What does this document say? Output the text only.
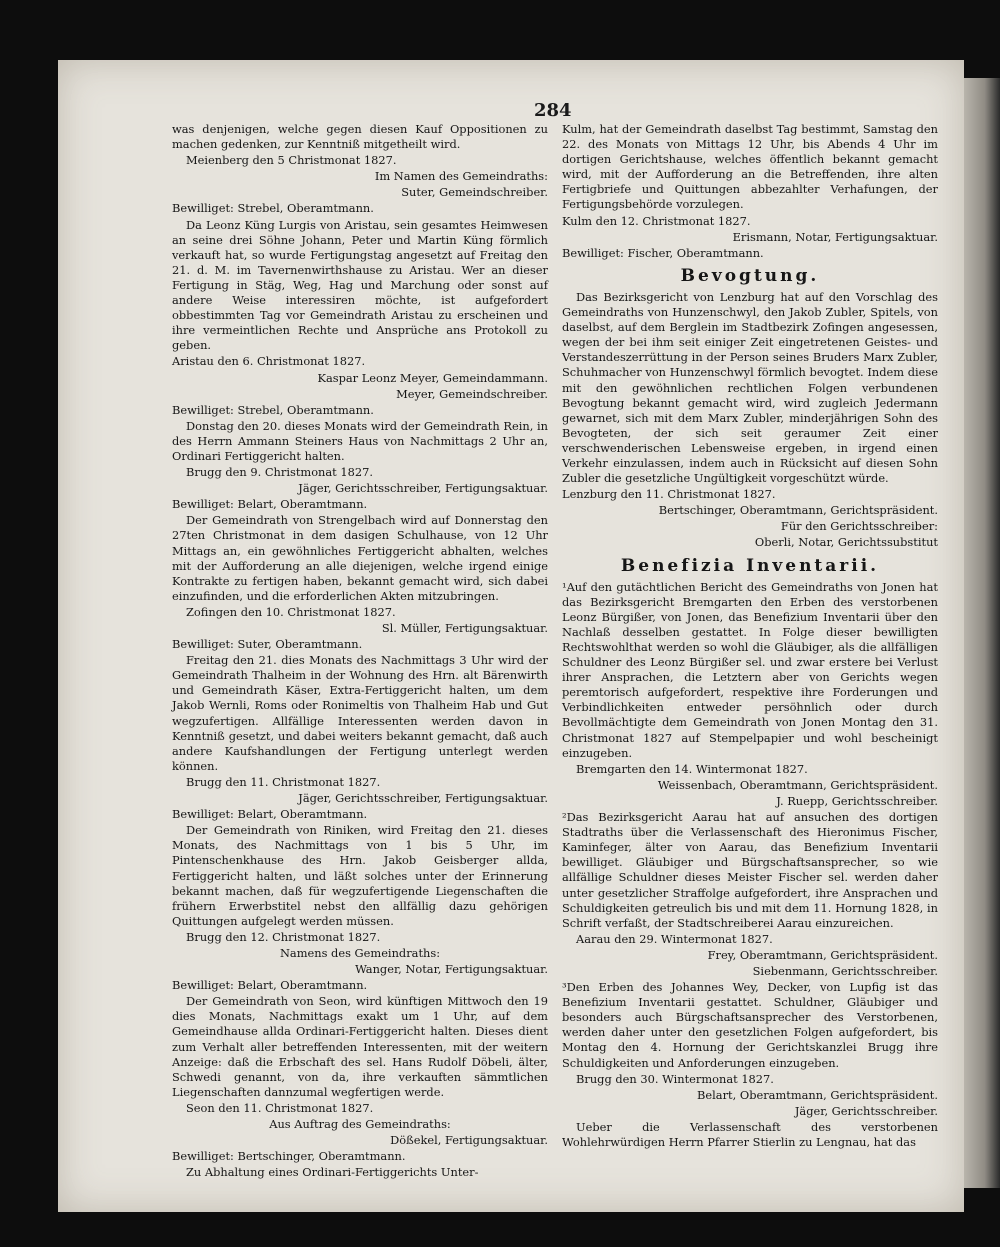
284

was denjenigen, welche gegen diesen Kauf Oppositionen zu machen gedenken, zur Kenntniß mitgetheilt wird.

Meienberg den 5 Christmonat 1827.

Im Namen des Gemeindraths:

Suter, Gemeindschreiber.

Bewilliget: Strebel, Oberamtmann.

Da Leonz Küng Lurgis von Aristau, sein gesamtes Heimwesen an seine drei Söhne Johann, Peter und Martin Küng förmlich verkauft hat, so wurde Fertigungstag angesetzt auf Freitag den 21. d. M. im Tavernenwirthshause zu Aristau. Wer an dieser Fertigung in Stäg, Weg, Hag und Marchung oder sonst auf andere Weise interessiren möchte, ist aufgefordert obbestimmten Tag vor Gemeindrath Aristau zu erscheinen und ihre vermeintlichen Rechte und Ansprüche ans Protokoll zu geben.

Aristau den 6. Christmonat 1827.

Kaspar Leonz Meyer, Gemeindammann.

Meyer, Gemeindschreiber.

Bewilliget: Strebel, Oberamtmann.

Donstag den 20. dieses Monats wird der Gemeindrath Rein, in des Herrn Ammann Steiners Haus von Nachmittags 2 Uhr an, Ordinari Fertiggericht halten.

Brugg den 9. Christmonat 1827.

Jäger, Gerichtsschreiber, Fertigungsaktuar.

Bewilliget: Belart, Oberamtmann.

Der Gemeindrath von Strengelbach wird auf Donnerstag den 27ten Christmonat in dem dasigen Schulhause, von 12 Uhr Mittags an, ein gewöhnliches Fertiggericht abhalten, welches mit der Aufforderung an alle diejenigen, welche irgend einige Kontrakte zu fertigen haben, bekannt gemacht wird, sich dabei einzufinden, und die erforderlichen Akten mitzubringen.

Zofingen den 10. Christmonat 1827.

Sl. Müller, Fertigungsaktuar.

Bewilliget: Suter, Oberamtmann.

Freitag den 21. dies Monats des Nachmittags 3 Uhr wird der Gemeindrath Thalheim in der Wohnung des Hrn. alt Bärenwirth und Gemeindrath Käser, Extra-Fertiggericht halten, um dem Jakob Wernli, Roms oder Ronimeltis von Thalheim Hab und Gut wegzufertigen. Allfällige Interessenten werden davon in Kenntniß gesetzt, und dabei weiters bekannt gemacht, daß auch andere Kaufshandlungen der Fertigung unterlegt werden können.

Brugg den 11. Christmonat 1827.

Jäger, Gerichtsschreiber, Fertigungsaktuar.

Bewilliget: Belart, Oberamtmann.

Der Gemeindrath von Riniken, wird Freitag den 21. dieses Monats, des Nachmittags von 1 bis 5 Uhr, im Pintenschenkhause des Hrn. Jakob Geisberger allda, Fertiggericht halten, und läßt solches unter der Erinnerung bekannt machen, daß für wegzufertigende Liegenschaften die frühern Erwerbstitel nebst den allfällig dazu gehörigen Quittungen aufgelegt werden müssen.

Brugg den 12. Christmonat 1827.

Namens des Gemeindraths:

Wanger, Notar, Fertigungsaktuar.

Bewilliget: Belart, Oberamtmann.

Der Gemeindrath von Seon, wird künftigen Mittwoch den 19 dies Monats, Nachmittags exakt um 1 Uhr, auf dem Gemeindhause allda Ordinari-Fertiggericht halten. Dieses dient zum Verhalt aller betreffenden Interessenten, mit der weitern Anzeige: daß die Erbschaft des sel. Hans Rudolf Döbeli, älter, Schwedi genannt, von da, ihre verkauften sämmtlichen Liegenschaften dannzumal wegfertigen werde.

Seon den 11. Christmonat 1827.

Aus Auftrag des Gemeindraths:

Dößekel, Fertigungsaktuar.

Bewilliget: Bertschinger, Oberamtmann.

Zu Abhaltung eines Ordinari-Fertiggerichts Unter-

Kulm, hat der Gemeindrath daselbst Tag bestimmt, Samstag den 22. des Monats von Mittags 12 Uhr, bis Abends 4 Uhr im dortigen Gerichtshause, welches öffentlich bekannt gemacht wird, mit der Aufforderung an die Betreffenden, ihre alten Fertigbriefe und Quittungen abbezahlter Verhafungen, der Fertigungsbehörde vorzulegen.

Kulm den 12. Christmonat 1827.

Erismann, Notar, Fertigungsaktuar.

Bewilliget: Fischer, Oberamtmann.

Bevogtung.

Das Bezirksgericht von Lenzburg hat auf den Vorschlag des Gemeindraths von Hunzenschwyl, den Jakob Zubler, Spitels, von daselbst, auf dem Berglein im Stadtbezirk Zofingen angesessen, wegen der bei ihm seit einiger Zeit eingetretenen Geistes- und Verstandeszerrüttung in der Person seines Bruders Marx Zubler, Schuhmacher von Hunzenschwyl förmlich bevogtet. Indem diese mit den gewöhnlichen rechtlichen Folgen verbundenen Bevogtung bekannt gemacht wird, wird zugleich Jedermann gewarnet, sich mit dem Marx Zubler, minderjährigen Sohn des Bevogteten, der sich seit geraumer Zeit einer verschwenderischen Lebensweise ergeben, in irgend einen Verkehr einzulassen, indem auch in Rücksicht auf diesen Sohn Zubler die gesetzliche Ungültigkeit vorgeschützt würde.

Lenzburg den 11. Christmonat 1827.

Bertschinger, Oberamtmann, Gerichtspräsident.

Für den Gerichtsschreiber:

Oberli, Notar, Gerichtssubstitut

Benefizia Inventarii.

¹Auf den gutächtlichen Bericht des Gemeindraths von Jonen hat das Bezirksgericht Bremgarten den Erben des verstorbenen Leonz Bürgißer, von Jonen, das Benefizium Inventarii über den Nachlaß desselben gestattet. In Folge dieser bewilligten Rechtswohlthat werden so wohl die Gläubiger, als die allfälligen Schuldner des Leonz Bürgißer sel. und zwar erstere bei Verlust ihrer Ansprachen, die Letztern aber von Gerichts wegen peremtorisch aufgefordert, respektive ihre Forderungen und Verbindlichkeiten entweder persöhnlich oder durch Bevollmächtigte dem Gemeindrath von Jonen Montag den 31. Christmonat 1827 auf Stempelpapier und wohl bescheinigt einzugeben.

Bremgarten den 14. Wintermonat 1827.

Weissenbach, Oberamtmann, Gerichtspräsident.

J. Ruepp, Gerichtsschreiber.

²Das Bezirksgericht Aarau hat auf ansuchen des dortigen Stadtraths über die Verlassenschaft des Hieronimus Fischer, Kaminfeger, älter von Aarau, das Benefizium Inventarii bewilliget. Gläubiger und Bürgschaftsansprecher, so wie allfällige Schuldner dieses Meister Fischer sel. werden daher unter gesetzlicher Straffolge aufgefordert, ihre Ansprachen und Schuldigkeiten getreulich bis und mit dem 11. Hornung 1828, in Schrift verfaßt, der Stadtschreiberei Aarau einzureichen.

Aarau den 29. Wintermonat 1827.

Frey, Oberamtmann, Gerichtspräsident.

Siebenmann, Gerichtsschreiber.

³Den Erben des Johannes Wey, Decker, von Lupfig ist das Benefizium Inventarii gestattet. Schuldner, Gläubiger und besonders auch Bürgschaftsansprecher des Verstorbenen, werden daher unter den gesetzlichen Folgen aufgefordert, bis Montag den 4. Hornung der Gerichtskanzlei Brugg ihre Schuldigkeiten und Anforderungen einzugeben.

Brugg den 30. Wintermonat 1827.

Belart, Oberamtmann, Gerichtspräsident.

Jäger, Gerichtsschreiber.

Ueber die Verlassenschaft des verstorbenen Wohlehrwürdigen Herrn Pfarrer Stierlin zu Lengnau, hat das
